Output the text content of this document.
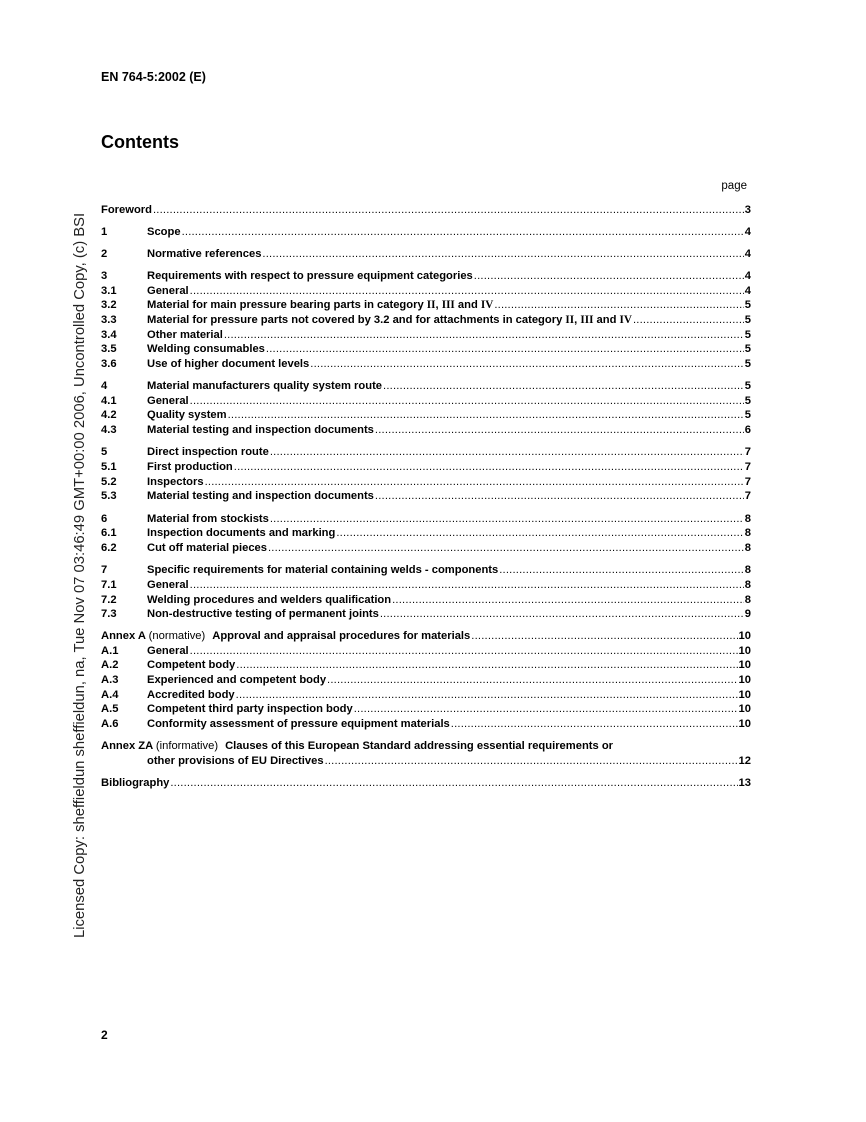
EN 764-5:2002 (E)
Contents
page
Licensed Copy: sheffieldun sheffieldun, na, Tue Nov 07 03:46:49 GMT+00:00 2006, Uncontrolled Copy, (c) BSI
Foreword .....	3
1	Scope .....	4
2	Normative references .....	4
3	Requirements with respect to pressure equipment categories .....	4
3.1	General .....	4
3.2	Material for main pressure bearing parts in category II, III and IV .....	5
3.3	Material for pressure parts not covered by 3.2 and for attachments in category II, III and IV .....	5
3.4	Other material .....	5
3.5	Welding consumables .....	5
3.6	Use of higher document levels .....	5
4	Material manufacturers quality system route .....	5
4.1	General .....	5
4.2	Quality system .....	5
4.3	Material testing and inspection documents .....	6
5	Direct inspection route .....	7
5.1	First production .....	7
5.2	Inspectors .....	7
5.3	Material testing and inspection documents .....	7
6	Material from stockists .....	8
6.1	Inspection documents and marking .....	8
6.2	Cut off material pieces .....	8
7	Specific requirements for material containing welds - components .....	8
7.1	General .....	8
7.2	Welding procedures and welders qualification .....	8
7.3	Non-destructive testing of permanent joints .....	9
Annex A (normative) Approval and appraisal procedures for materials .....	10
A.1	General .....	10
A.2	Competent body .....	10
A.3	Experienced and competent body .....	10
A.4	Accredited body .....	10
A.5	Competent third party inspection body .....	10
A.6	Conformity assessment of pressure equipment materials .....	10
Annex ZA (informative) Clauses of this European Standard addressing essential requirements or
other provisions of EU Directives .....	12
Bibliography .....	13
2
